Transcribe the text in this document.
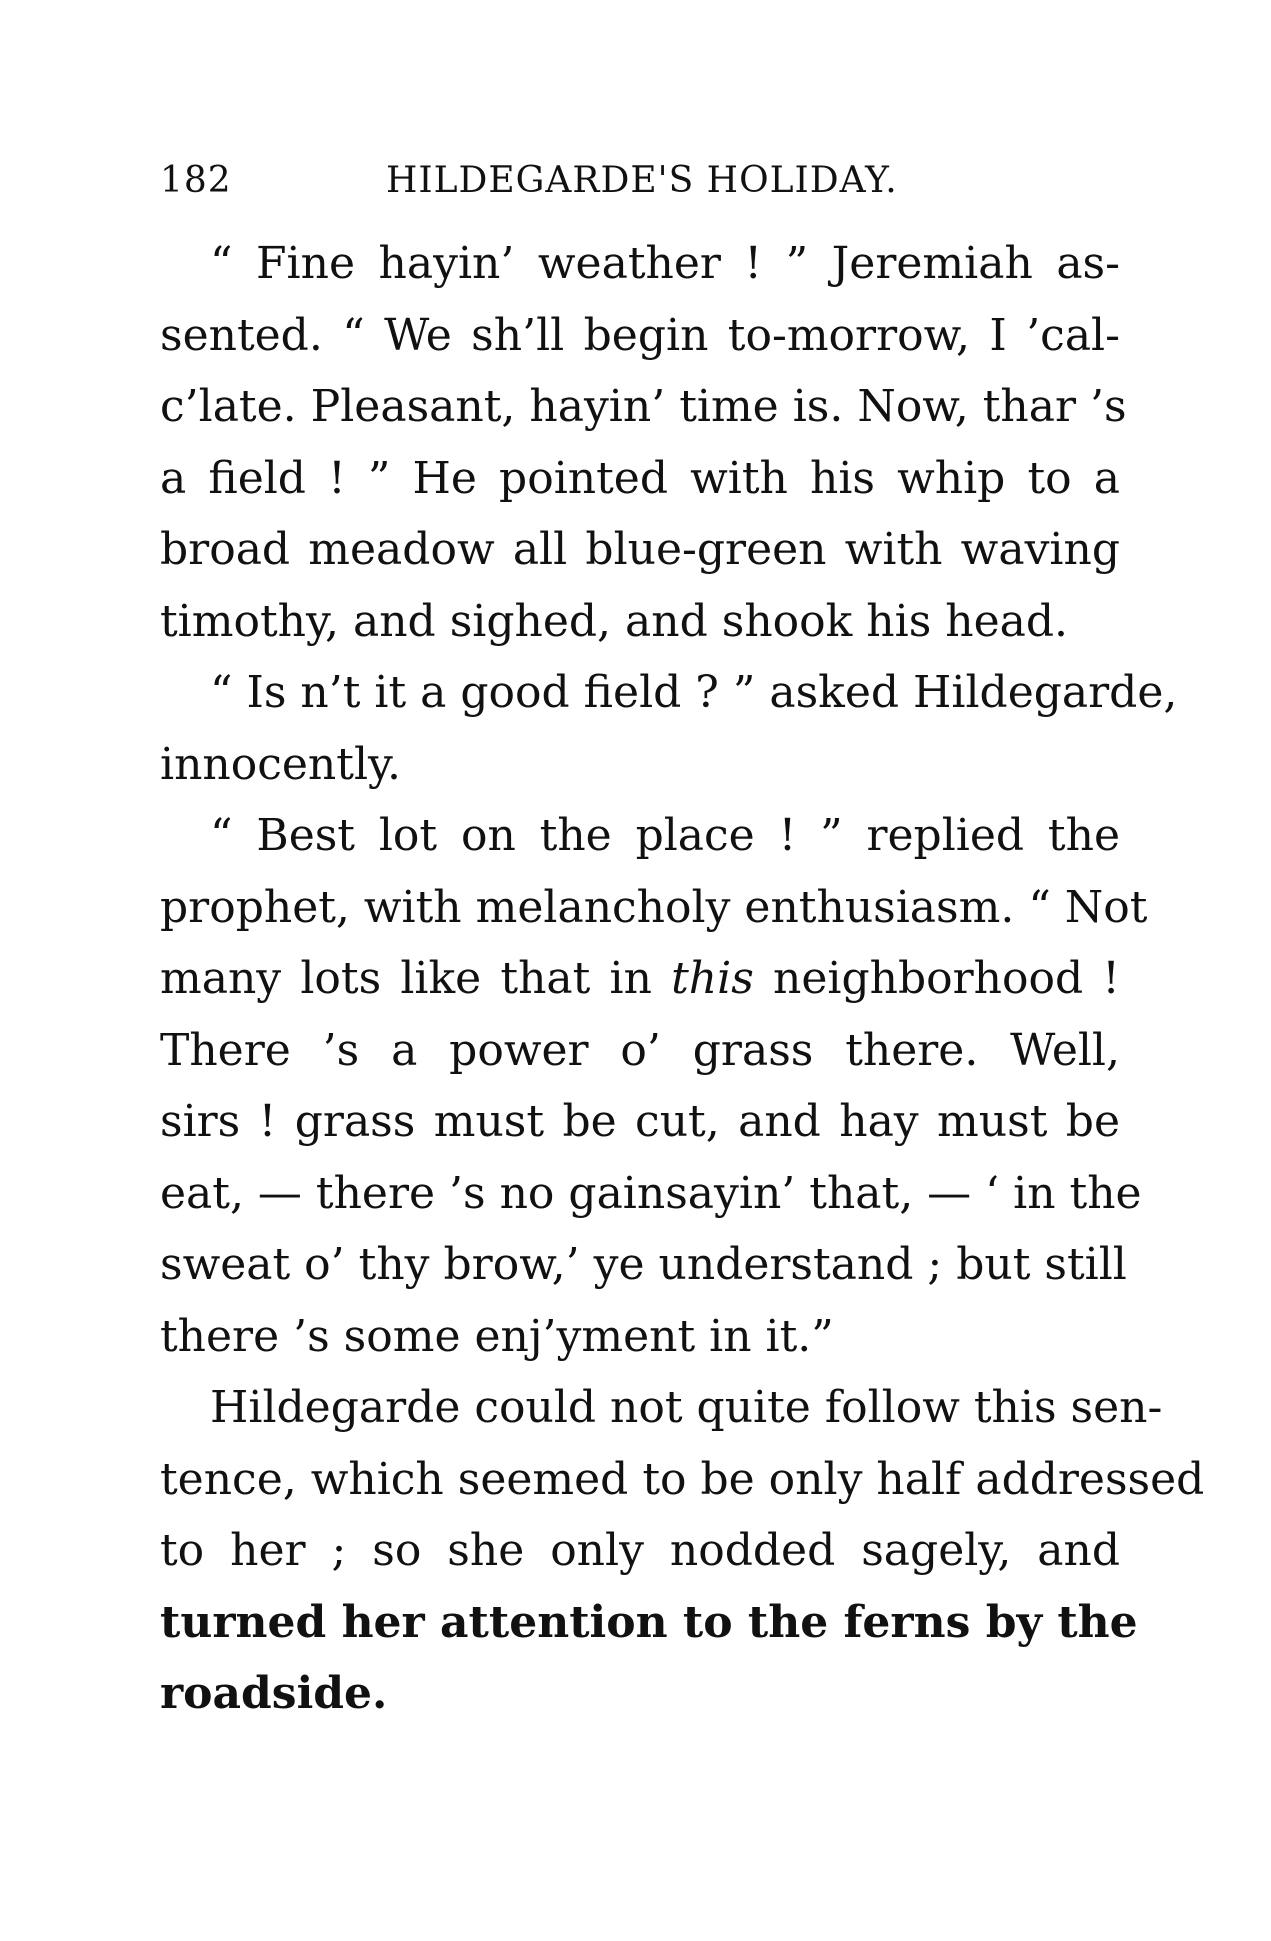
182	HILDEGARDE'S HOLIDAY.

“ Fine hayin’ weather ! ” Jeremiah as-
sented. “ We sh’ll begin to-morrow, I ’cal-
c’late. Pleasant, hayin’ time is. Now, thar ’s
a field ! ” He pointed with his whip to a
broad meadow all blue-green with waving
timothy, and sighed, and shook his head.

“ Is n’t it a good field ? ” asked Hildegarde,
innocently.

“ Best lot on the place ! ” replied the
prophet, with melancholy enthusiasm. “ Not
many lots like that in this neighborhood !
There ’s a power o’ grass there. Well,
sirs ! grass must be cut, and hay must be
eat, — there ’s no gainsayin’ that, — ‘ in the
sweat o’ thy brow,’ ye understand ; but still
there ’s some enj’yment in it.”

Hildegarde could not quite follow this sen-
tence, which seemed to be only half addressed
to her ; so she only nodded sagely, and
turned her attention to the ferns by the
roadside.
